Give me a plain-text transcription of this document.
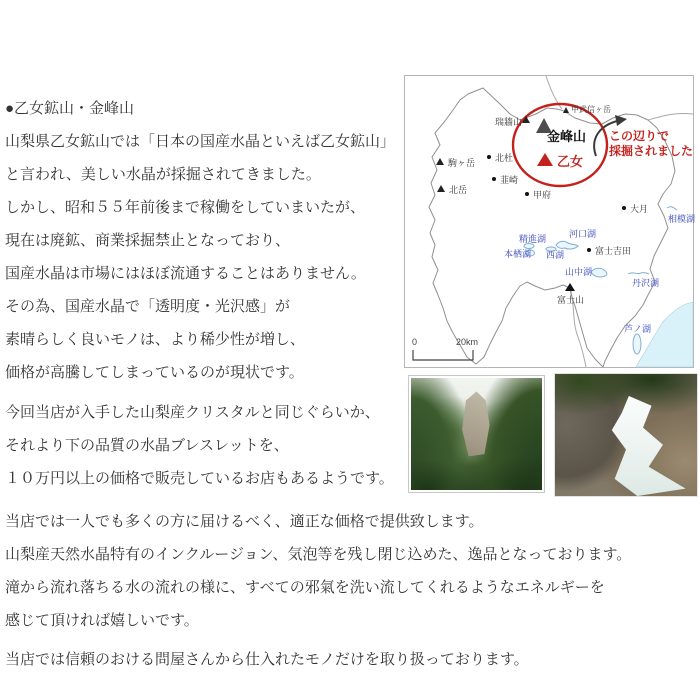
●乙女鉱山・金峰山
山梨県乙女鉱山では「日本の国産水晶といえば乙女鉱山」
と言われ、美しい水晶が採掘されてきました。
しかし、昭和５５年前後まで稼働をしていまいたが、
現在は廃鉱、商業採掘禁止となっており、
国産水晶は市場にはほぼ流通することはありません。
その為、国産水晶で「透明度・光沢感」が
素晴らしく良いモノは、より稀少性が増し、
価格が高騰してしまっているのが現状です。
今回当店が入手した山梨産クリスタルと同じぐらいか、
それより下の品質の水晶ブレスレットを、
１０万円以上の価格で販売しているお店もあるようです。
当店では一人でも多くの方に届けるべく、適正な価格で提供致します。
山梨産天然水晶特有のインクルージョン、気泡等を残し閉じ込めた、逸品となっております。
滝から流れ落ちる水の流れの様に、すべての邪氣を洗い流してくれるようなエネルギーを
感じて頂ければ嬉しいです。
当店では信頼のおける問屋さんから仕入れたモノだけを取り扱っております。
金峰山
乙女
この辺りで
採掘されました
甲武信ヶ岳
瑞牆山
駒ヶ岳
北岳
北杜
韮崎
甲府
大月
富士吉田
富士山
相模湖
河口湖
精進湖
本栖湖 西湖
山中湖
丹沢湖
芦ノ湖
0	20km
